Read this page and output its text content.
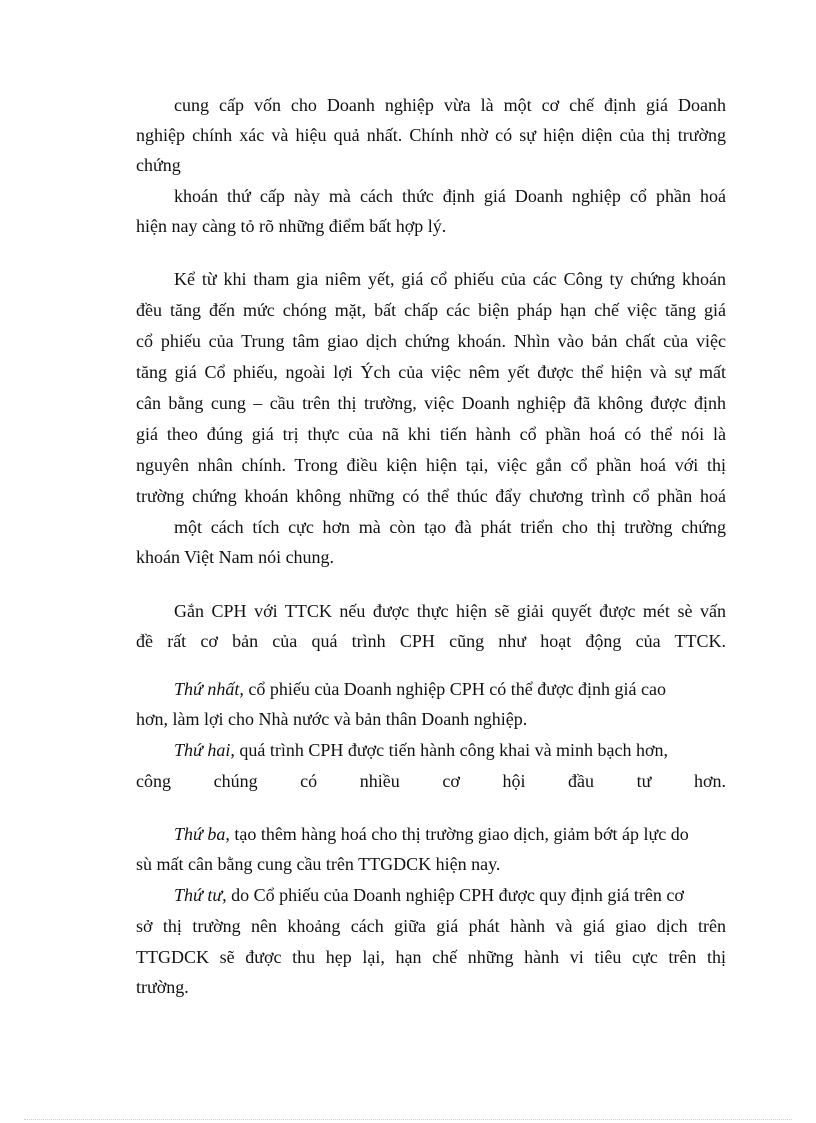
cung cấp vốn cho Doanh nghiệp vừa là một cơ chế định giá Doanh
nghiệp chính xác và hiệu quả nhất. Chính nhờ có sự hiện diện của thị trường
chứng
khoán thứ cấp này mà cách thức định giá Doanh nghiệp cổ phần hoá
hiện nay càng tỏ rõ những điểm bất hợp lý.
Kể từ khi tham gia niêm yết, giá cổ phiếu của các Công ty chứng khoán
đều tăng đến mức chóng mặt, bất chấp các biện pháp hạn chế việc tăng giá
cổ phiếu của Trung tâm giao dịch chứng khoán. Nhìn vào bản chất của việc
tăng giá Cổ phiếu, ngoài lợi Ých của việc nêm yết được thể hiện và sự mất
cân bằng cung – cầu trên thị trường, việc Doanh nghiệp đã không được định
giá theo đúng giá trị thực của nã khi tiến hành cổ phần hoá có thể nói là
nguyên nhân chính. Trong điều kiện hiện tại, việc gắn cổ phần hoá với thị
trường chứng khoán không những có thể thúc đẩy chương trình cổ phần hoá
một cách tích cực hơn mà còn tạo đà phát triển cho thị trường chứng
khoán Việt Nam nói chung.
Gắn CPH với TTCK nếu được thực hiện sẽ giải quyết được mét sè vấn
đề rất cơ bản của quá trình CPH cũng như hoạt động của TTCK.
Thứ nhất, cổ phiếu của Doanh nghiệp CPH có thể được định giá cao
hơn, làm lợi cho Nhà nước và bản thân Doanh nghiệp.
Thứ hai, quá trình CPH được tiến hành công khai và minh bạch hơn,
công chúng có nhiều cơ hội đầu tư hơn.
Thứ ba, tạo thêm hàng hoá cho thị trường giao dịch, giảm bớt áp lực do
sù mất cân bằng cung cầu trên TTGDCK hiện nay.
Thứ tư, do Cổ phiếu của Doanh nghiệp CPH được quy định giá trên cơ
sở thị trường nên khoảng cách giữa giá phát hành và giá giao dịch trên
TTGDCK sẽ được thu hẹp lại, hạn chế những hành vi tiêu cực trên thị
trường.
